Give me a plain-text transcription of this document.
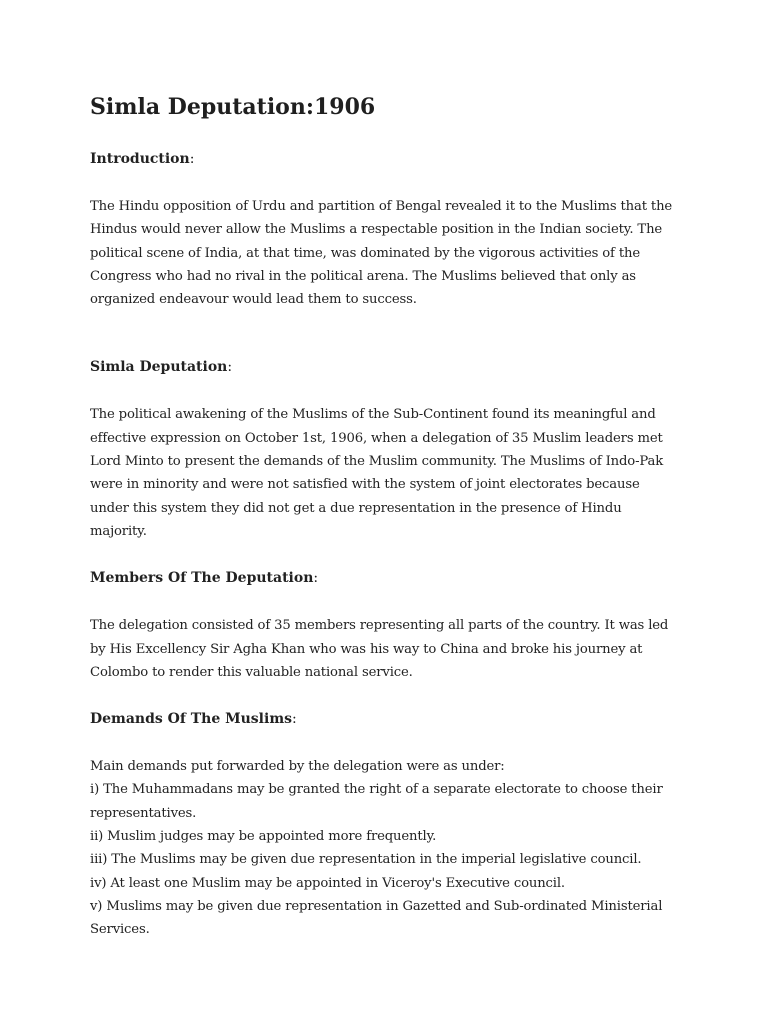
Simla Deputation:1906

Introduction:

The Hindu opposition of Urdu and partition of Bengal revealed it to the Muslims that the Hindus would never allow the Muslims a respectable position in the Indian society. The political scene of India, at that time, was dominated by the vigorous activities of the Congress who had no rival in the political arena. The Muslims believed that only as organized endeavour would lead them to success.

Simla Deputation:

The political awakening of the Muslims of the Sub-Continent found its meaningful and effective expression on October 1st, 1906, when a delegation of 35 Muslim leaders met Lord Minto to present the demands of the Muslim community. The Muslims of Indo-Pak were in minority and were not satisfied with the system of joint electorates because under this system they did not get a due representation in the presence of Hindu majority.

Members Of The Deputation:

The delegation consisted of 35 members representing all parts of the country. It was led by His Excellency Sir Agha Khan who was his way to China and broke his journey at Colombo to render this valuable national service.

Demands Of The Muslims:

Main demands put forwarded by the delegation were as under:
i) The Muhammadans may be granted the right of a separate electorate to choose their representatives.
ii) Muslim judges may be appointed more frequently.
iii) The Muslims may be given due representation in the imperial legislative council.
iv) At least one Muslim may be appointed in Viceroy's Executive council.
v) Muslims may be given due representation in Gazetted and Sub-ordinated Ministerial Services.
